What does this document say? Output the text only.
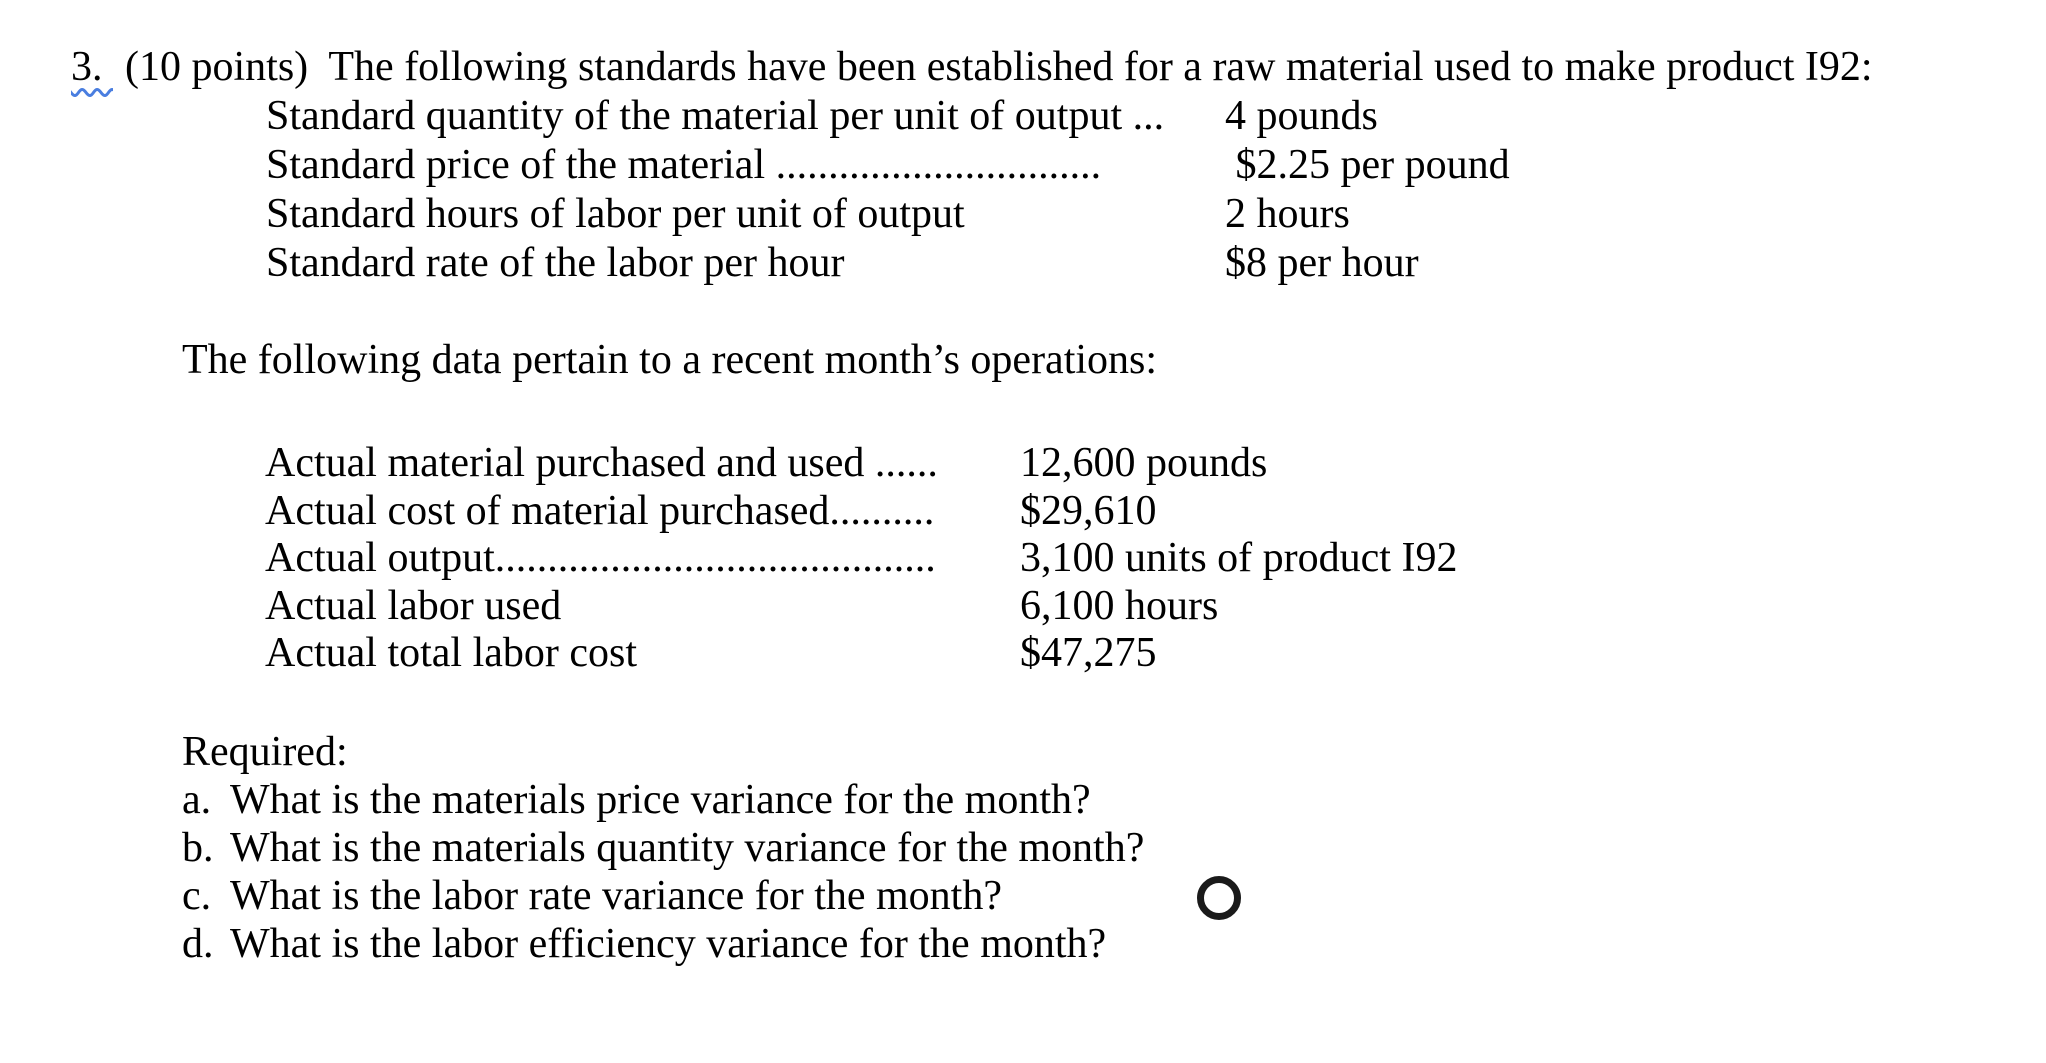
3. (10 points)  The following standards have been established for a raw material used to make product I92:

Standard quantity of the material per unit of output ...	4 pounds
Standard price of the material ...............................	$2.25 per pound
Standard hours of labor per unit of output	2 hours
Standard rate of the labor per hour	$8 per hour
The following data pertain to a recent month’s operations:
Actual material purchased and used ......	12,600 pounds
Actual cost of material purchased..........	$29,610
Actual output..........................................	3,100 units of product I92
Actual labor used	6,100 hours
Actual total labor cost	$47,275
Required:
a. What is the materials price variance for the month?
b. What is the materials quantity variance for the month?
c. What is the labor rate variance for the month?
d. What is the labor efficiency variance for the month?
